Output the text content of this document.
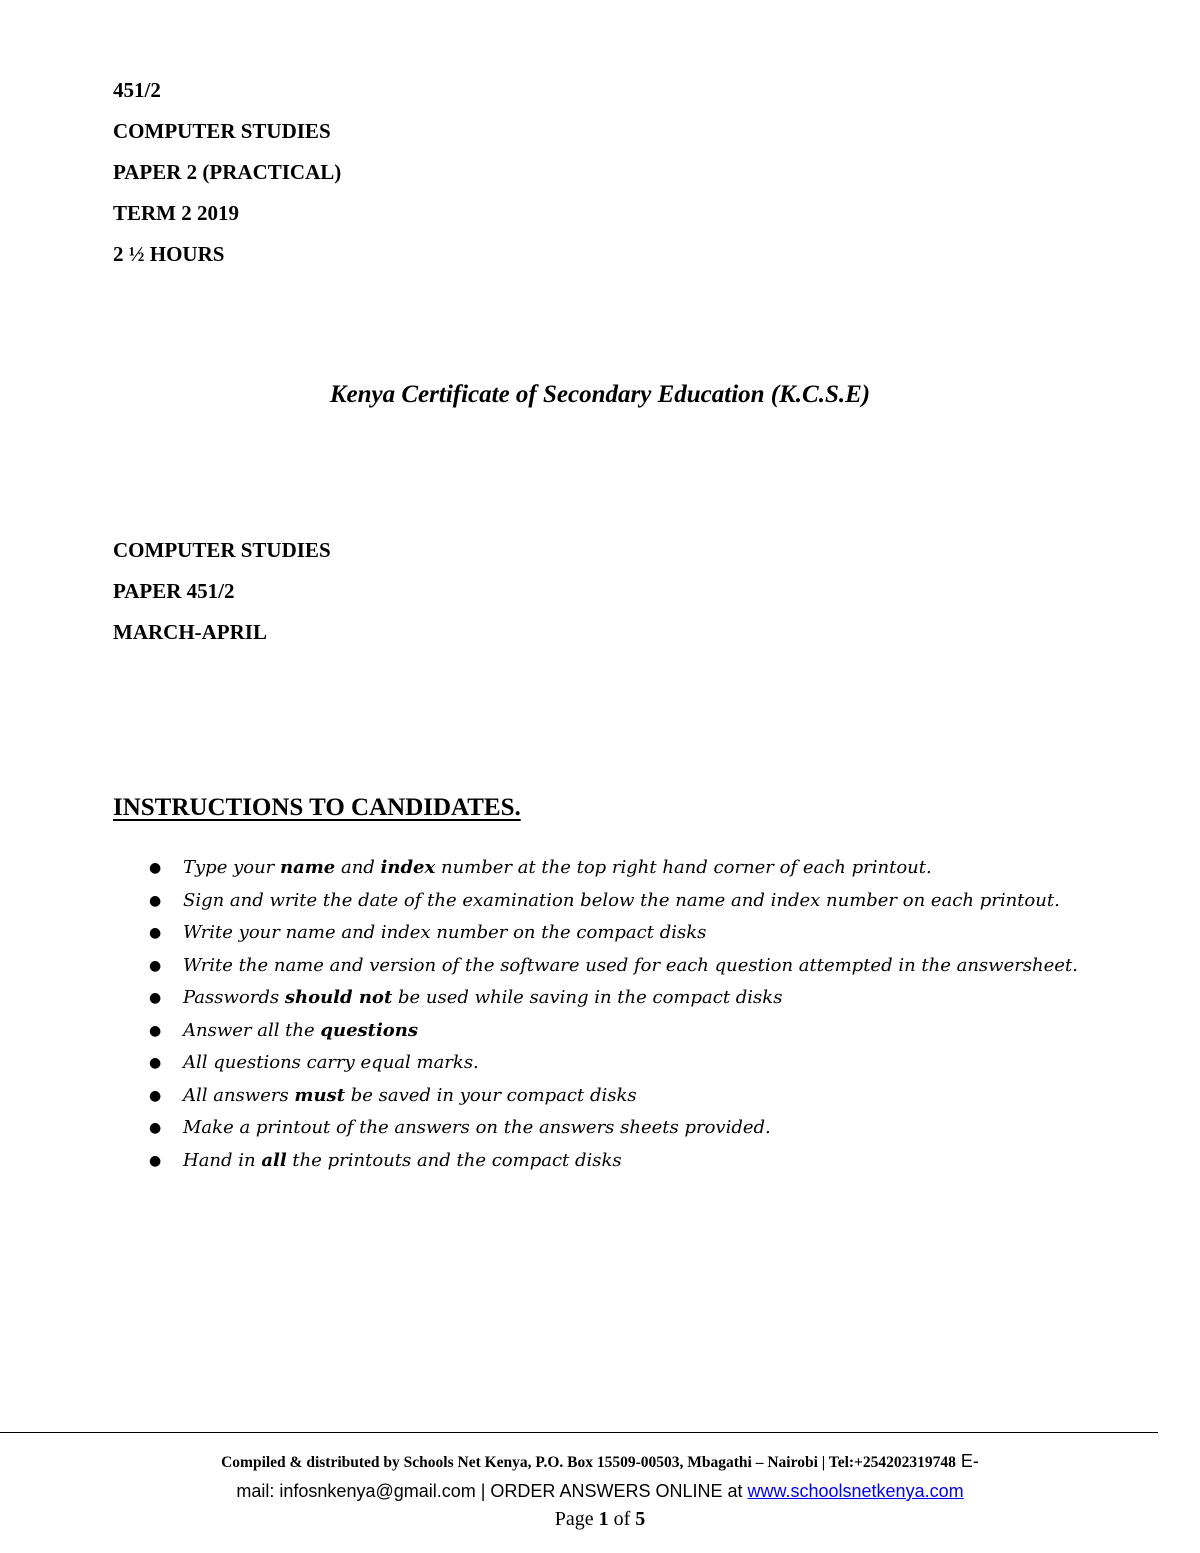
451/2
COMPUTER STUDIES
PAPER 2 (PRACTICAL)
TERM 2 2019
2 ½ HOURS
Kenya Certificate of Secondary Education (K.C.S.E)
COMPUTER STUDIES
PAPER 451/2
MARCH-APRIL
INSTRUCTIONS TO CANDIDATES.
● Type your name and index number at the top right hand corner of each printout.
● Sign and write the date of the examination below the name and index number on each printout.
● Write your name and index number on the compact disks
● Write the name and version of the software used for each question attempted in the answersheet.
● Passwords should not be used while saving in the compact disks
● Answer all the questions
● All questions carry equal marks.
● All answers must be saved in your compact disks
● Make a printout of the answers on the answers sheets provided.
● Hand in all the printouts and the compact disks
Compiled & distributed by Schools Net Kenya, P.O. Box 15509-00503, Mbagathi – Nairobi | Tel:+254202319748 E-
mail: infosnkenya@gmail.com | ORDER ANSWERS ONLINE at www.schoolsnetkenya.com
Page 1 of 5
